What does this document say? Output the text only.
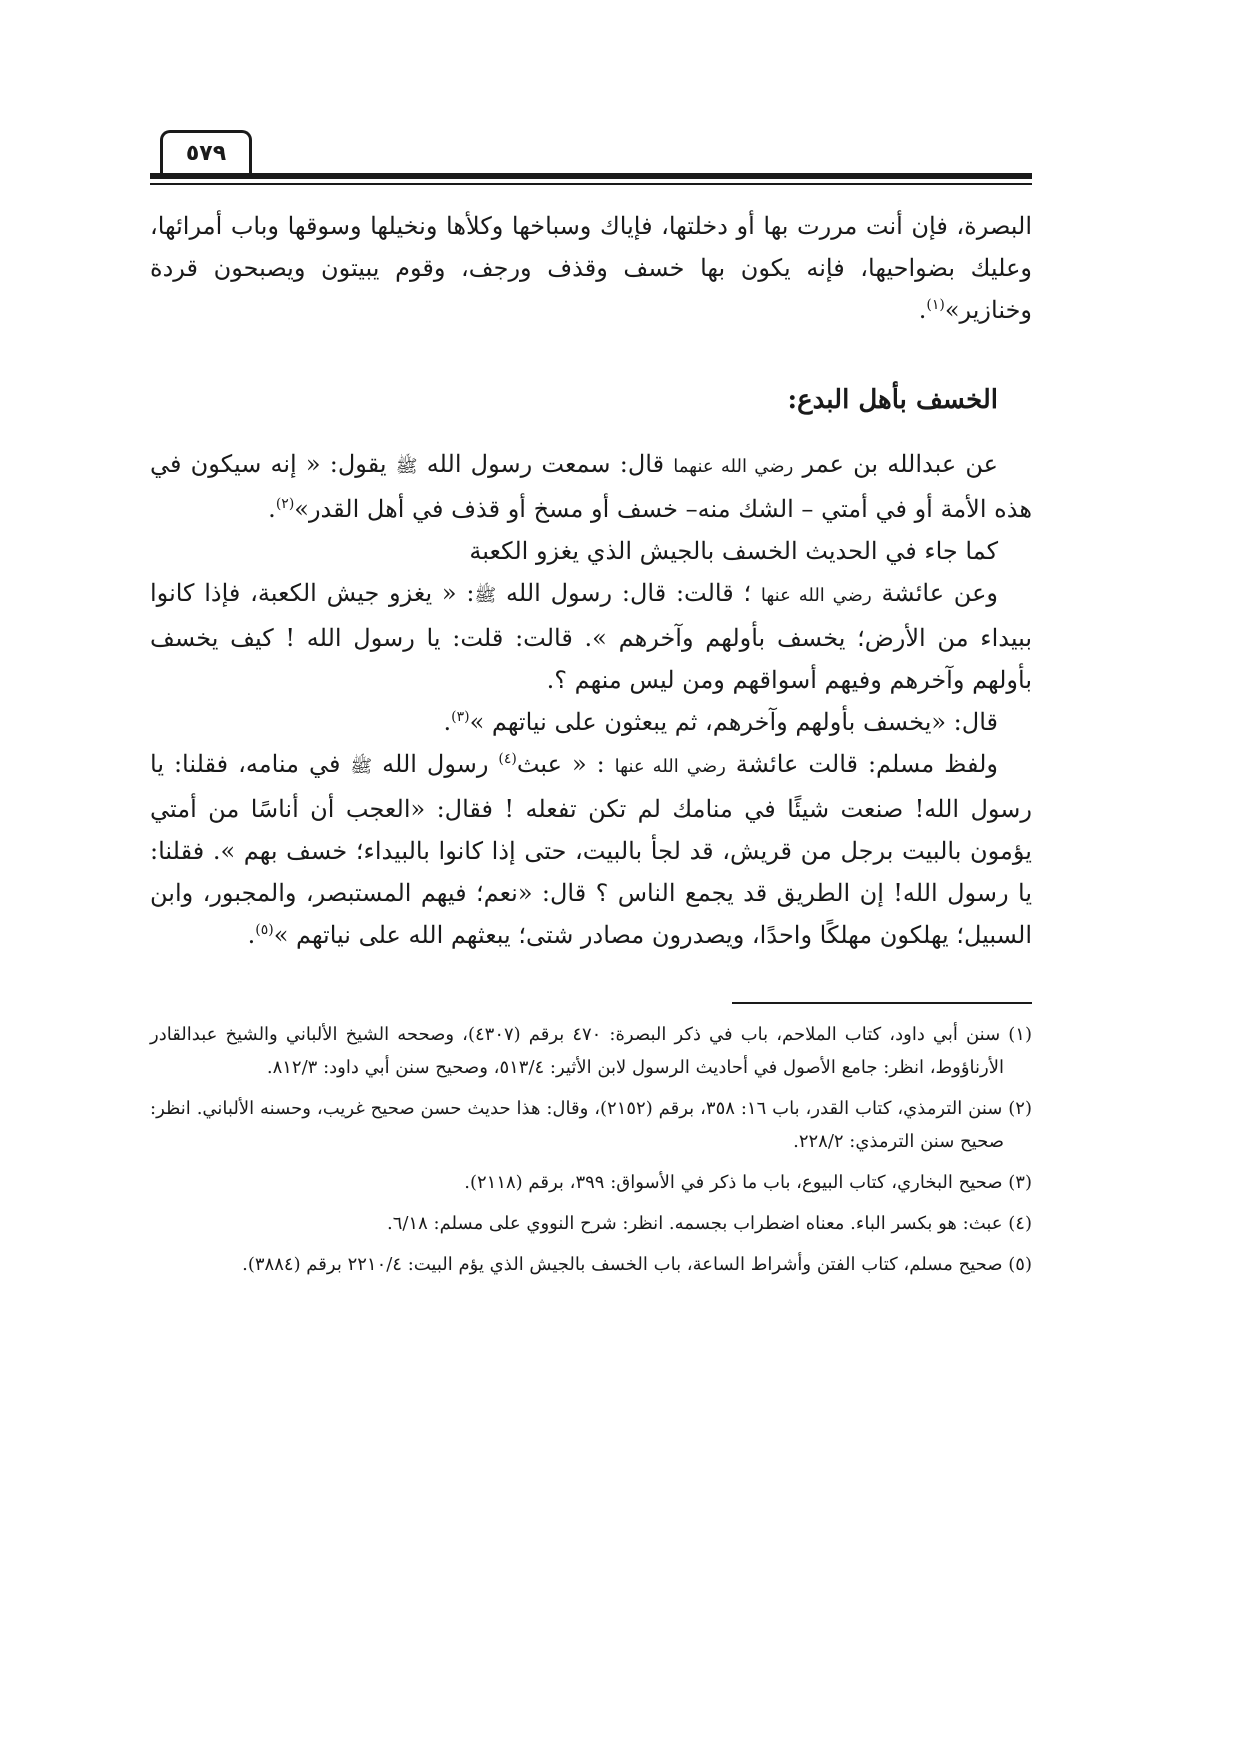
٥٧٩

البصرة، فإن أنت مررت بها أو دخلتها، فإياك وسباخها وكلأها ونخيلها وسوقها وباب أمرائها، وعليك بضواحيها، فإنه يكون بها خسف وقذف ورجف، وقوم يبيتون ويصبحون قردة وخنازير»$^{(١)}$.

الخسف بأهل البدع:

عن عبدالله بن عمر رضي الله عنهما قال: سمعت رسول الله ﷺ يقول: « إنه سيكون في هذه الأمة أو في أمتي – الشك منه– خسف أو مسخ أو قذف في أهل القدر»$^{(٢)}$.

كما جاء في الحديث الخسف بالجيش الذي يغزو الكعبة

وعن عائشة رضي الله عنها ؛ قالت: قال: رسول الله ﷺ: « يغزو جيش الكعبة، فإذا كانوا ببيداء من الأرض؛ يخسف بأولهم وآخرهم ». قالت: قلت: يا رسول الله ! كيف يخسف بأولهم وآخرهم وفيهم أسواقهم ومن ليس منهم ؟.

قال: «يخسف بأولهم وآخرهم، ثم يبعثون على نياتهم »$^{(٣)}$.

ولفظ مسلم: قالت عائشة رضي الله عنها : « عبث$^{(٤)}$ رسول الله ﷺ في منامه، فقلنا: يا رسول الله! صنعت شيئًا في منامك لم تكن تفعله ! فقال: «العجب أن أناسًا من أمتي يؤمون بالبيت برجل من قريش، قد لجأ بالبيت، حتى إذا كانوا بالبيداء؛ خسف بهم ». فقلنا: يا رسول الله! إن الطريق قد يجمع الناس ؟ قال: «نعم؛ فيهم المستبصر، والمجبور، وابن السبيل؛ يهلكون مهلكًا واحدًا، ويصدرون مصادر شتى؛ يبعثهم الله على نياتهم »$^{(٥)}$.

(١) سنن أبي داود، كتاب الملاحم، باب في ذكر البصرة: ٤٧٠ برقم (٤٣٠٧)، وصححه الشيخ الألباني والشيخ عبدالقادر الأرناؤوط، انظر: جامع الأصول في أحاديث الرسول لابن الأثير: ٥١٣/٤، وصحيح سنن أبي داود: ٨١٢/٣.

(٢) سنن الترمذي، كتاب القدر، باب ١٦: ٣٥٨، برقم (٢١٥٢)، وقال: هذا حديث حسن صحيح غريب، وحسنه الألباني. انظر: صحيح سنن الترمذي: ٢٢٨/٢.

(٣) صحيح البخاري، كتاب البيوع، باب ما ذكر في الأسواق: ٣٩٩، برقم (٢١١٨).

(٤) عبث: هو بكسر الباء. معناه اضطراب بجسمه. انظر: شرح النووي على مسلم: ٦/١٨.

(٥) صحيح مسلم، كتاب الفتن وأشراط الساعة، باب الخسف بالجيش الذي يؤم البيت: ٢٢١٠/٤ برقم (٣٨٨٤).
